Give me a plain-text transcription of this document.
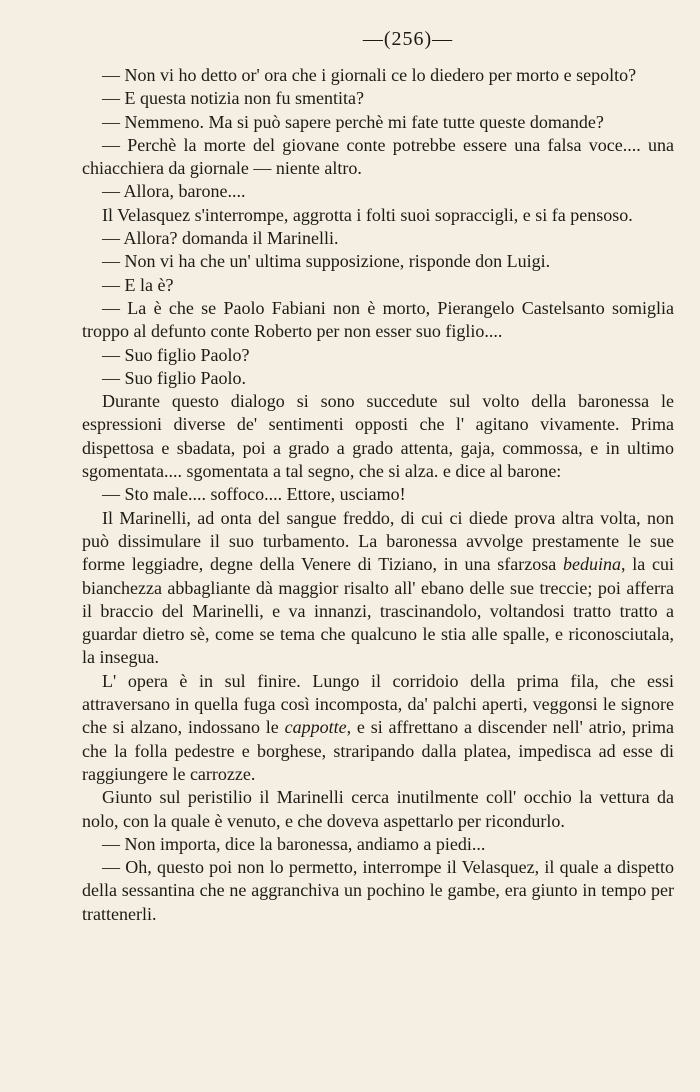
—(256)—

— Non vi ho detto or' ora che i giornali ce lo diedero per morto e sepolto?

— E questa notizia non fu smentita?

— Nemmeno. Ma si può sapere perchè mi fate tutte queste domande?

— Perchè la morte del giovane conte potrebbe essere una falsa voce.... una chiacchiera da giornale — niente altro.

— Allora, barone....

Il Velasquez s'interrompe, aggrotta i folti suoi sopraccigli, e si fa pensoso.

— Allora? domanda il Marinelli.

— Non vi ha che un' ultima supposizione, risponde don Luigi.

— E la è?

— La è che se Paolo Fabiani non è morto, Pierangelo Castelsanto somiglia troppo al defunto conte Roberto per non esser suo figlio....

— Suo figlio Paolo?

— Suo figlio Paolo.

Durante questo dialogo si sono succedute sul volto della baronessa le espressioni diverse de' sentimenti opposti che l' agitano vivamente. Prima dispettosa e sbadata, poi a grado a grado attenta, gaja, commossa, e in ultimo sgomentata.... sgomentata a tal segno, che si alza. e dice al barone:

— Sto male.... soffoco.... Ettore, usciamo!

Il Marinelli, ad onta del sangue freddo, di cui ci diede prova altra volta, non può dissimulare il suo turbamento. La baronessa avvolge prestamente le sue forme leggiadre, degne della Venere di Tiziano, in una sfarzosa beduina, la cui bianchezza abbagliante dà maggior risalto all' ebano delle sue treccie; poi afferra il braccio del Marinelli, e va innanzi, trascinandolo, voltandosi tratto tratto a guardar dietro sè, come se tema che qualcuno le stia alle spalle, e riconosciutala, la insegua.

L' opera è in sul finire. Lungo il corridoio della prima fila, che essi attraversano in quella fuga così incomposta, da' palchi aperti, veggonsi le signore che si alzano, indossano le cappotte, e si affrettano a discender nell' atrio, prima che la folla pedestre e borghese, straripando dalla platea, impedisca ad esse di raggiungere le carrozze.

Giunto sul peristilio il Marinelli cerca inutilmente coll' occhio la vettura da nolo, con la quale è venuto, e che doveva aspettarlo per ricondurlo.

— Non importa, dice la baronessa, andiamo a piedi...

— Oh, questo poi non lo permetto, interrompe il Velasquez, il quale a dispetto della sessantina che ne aggranchiva un pochino le gambe, era giunto in tempo per trattenerli.
